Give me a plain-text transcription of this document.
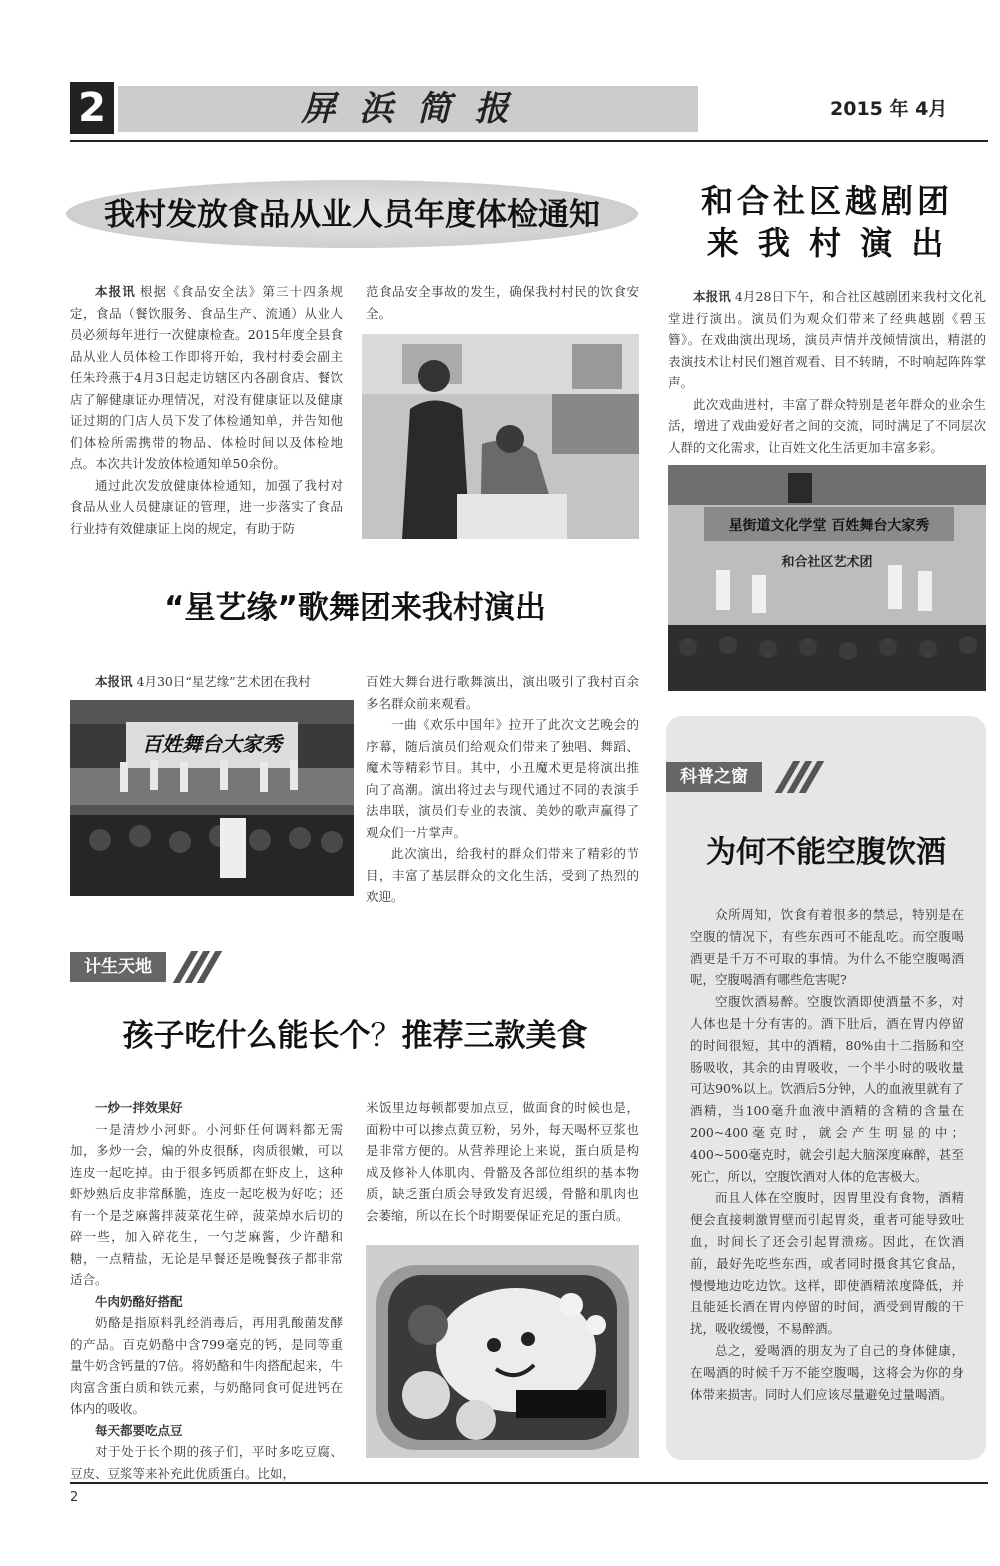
2	屏 浜 简 报	2015 年 4月
我村发放食品从业人员年度体检通知

本报讯 根据《食品安全法》第三十四条规定，食品（餐饮服务、食品生产、流通）从业人员必须每年进行一次健康检查。2015年度全县食品从业人员体检工作即将开始，我村村委会副主任朱玲燕于4月3日起走访辖区内各副食店、餐饮店了解健康证办理情况，对没有健康证以及健康证过期的门店人员下发了体检通知单，并告知他们体检所需携带的物品、体检时间以及体检地点。本次共计发放体检通知单50余份。

通过此次发放健康体检通知，加强了我村对食品从业人员健康证的管理，进一步落实了食品行业持有效健康证上岗的规定，有助于防

范食品安全事故的发生，确保我村村民的饮食安全。

和合社区越剧团
来 我 村 演 出

本报讯 4月28日下午，和合社区越剧团来我村文化礼堂进行演出。演员们为观众们带来了经典越剧《碧玉簪》。在戏曲演出现场，演员声情并茂倾情演出，精湛的表演技术让村民们翘首观看、目不转睛，不时响起阵阵掌声。

此次戏曲进村，丰富了群众特别是老年群众的业余生活，增进了戏曲爱好者之间的交流，同时满足了不同层次人群的文化需求，让百姓文化生活更加丰富多彩。

星街道文化学堂 百姓舞台大家秀
和合社区艺术团
“星艺缘”歌舞团来我村演出

本报讯 4月30日“星艺缘”艺术团在我村

百姓舞台大家秀

百姓大舞台进行歌舞演出，演出吸引了我村百余多名群众前来观看。

一曲《欢乐中国年》拉开了此次文艺晚会的序幕，随后演员们给观众们带来了独唱、舞蹈、魔术等精彩节目。其中，小丑魔术更是将演出推向了高潮。演出将过去与现代通过不同的表演手法串联，演员们专业的表演、美妙的歌声赢得了观众们一片掌声。

此次演出，给我村的群众们带来了精彩的节目，丰富了基层群众的文化生活，受到了热烈的欢迎。

计生天地
孩子吃什么能长个？推荐三款美食
一炒一拌效果好

一是清炒小河虾。小河虾任何调料都无需加，多炒一会，煸的外皮很酥，肉质很嫩，可以连皮一起吃掉。由于很多钙质都在虾皮上，这种虾炒熟后皮非常酥脆，连皮一起吃极为好吃；还有一个是芝麻酱拌菠菜花生碎，菠菜焯水后切的碎一些，加入碎花生，一勺芝麻酱，少许醋和糖，一点精盐，无论是早餐还是晚餐孩子都非常适合。

牛肉奶酪好搭配

奶酪是指原料乳经消毒后，再用乳酸菌发酵的产品。百克奶酪中含799毫克的钙，是同等重量牛奶含钙量的7倍。将奶酪和牛肉搭配起来，牛肉富含蛋白质和铁元素，与奶酪同食可促进钙在体内的吸收。

每天都要吃点豆

对于处于长个期的孩子们，平时多吃豆腐、豆皮、豆浆等来补充此优质蛋白。比如，

米饭里边每顿都要加点豆，做面食的时候也是，面粉中可以掺点黄豆粉，另外，每天喝杯豆浆也是非常方便的。从营养理论上来说，蛋白质是构成及修补人体肌肉、骨骼及各部位组织的基本物质，缺乏蛋白质会导致发育迟缓，骨骼和肌肉也会萎缩，所以在长个时期要保证充足的蛋白质。

科普之窗
为何不能空腹饮酒

众所周知，饮食有着很多的禁忌，特别是在空腹的情况下，有些东西可不能乱吃。而空腹喝酒更是千万不可取的事情。为什么不能空腹喝酒呢，空腹喝酒有哪些危害呢?

空腹饮酒易醉。空腹饮酒即使酒量不多，对人体也是十分有害的。酒下肚后，酒在胃内停留的时间很短，其中的酒精，80%由十二指肠和空肠吸收，其余的由胃吸收，一个半小时的吸收量可达90%以上。饮酒后5分钟，人的血液里就有了酒精，当100毫升血液中酒精的含精的含量在200~400毫克时，就会产生明显的中；400~500毫克时，就会引起大脑深度麻醉，甚至死亡，所以，空腹饮酒对人体的危害极大。

而且人体在空腹时，因胃里没有食物，酒精便会直接刺激胃壁而引起胃炎，重者可能导致吐血，时间长了还会引起胃溃疡。因此，在饮酒前，最好先吃些东西，或者同时摄食其它食品，慢慢地边吃边饮。这样，即使酒精浓度降低，并且能延长酒在胃内停留的时间，酒受到胃酸的干扰，吸收缓慢，不易醉酒。

总之，爱喝酒的朋友为了自己的身体健康，在喝酒的时候千万不能空腹喝，这将会为你的身体带来损害。同时人们应该尽量避免过量喝酒。

2
